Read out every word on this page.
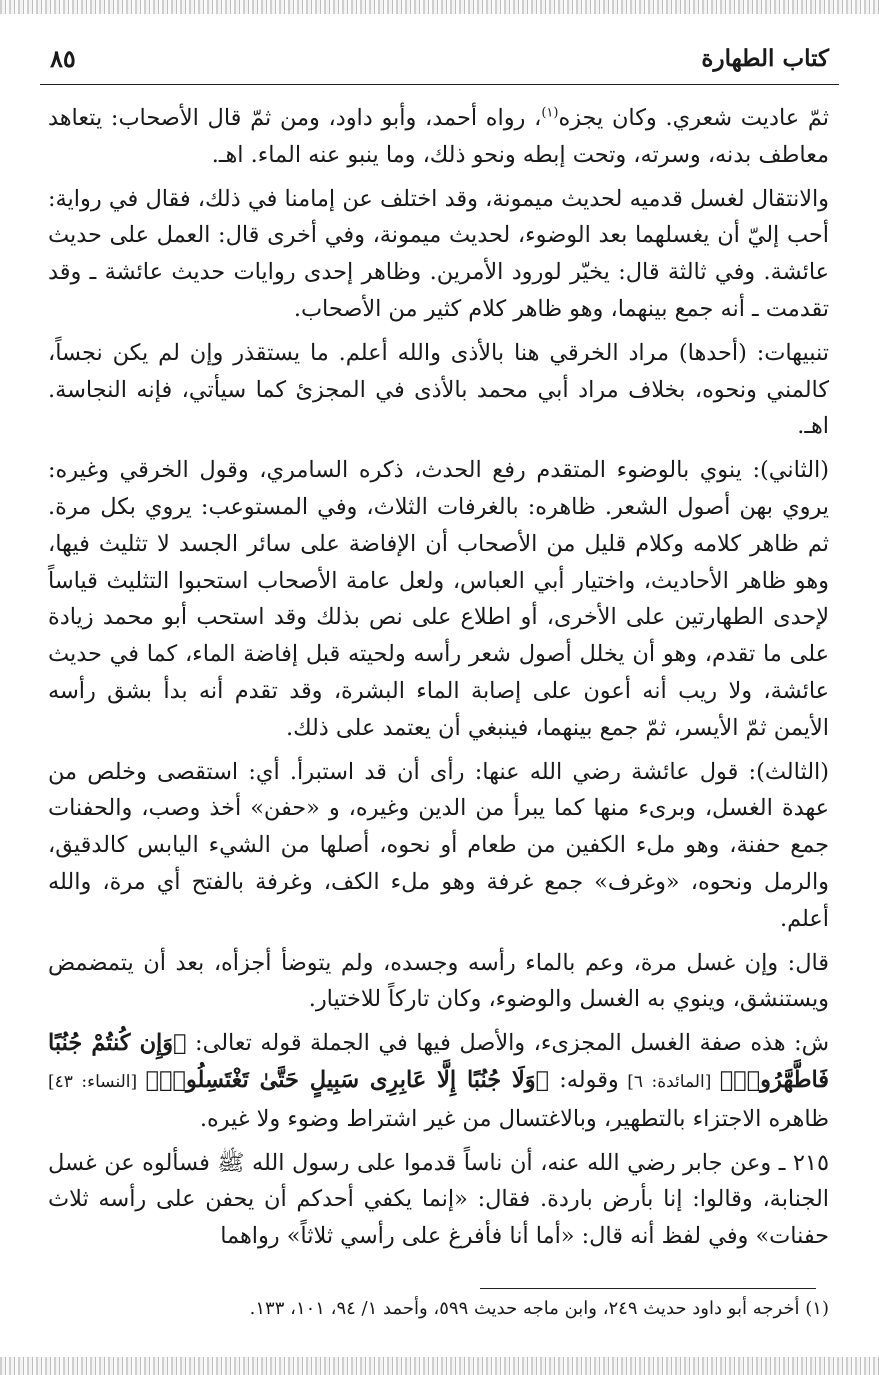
كتاب الطهارة
٨٥

ثمّ عاديت شعري. وكان يجزه$^{(١)}$، رواه أحمد، وأبو داود، ومن ثمّ قال الأصحاب: يتعاهد معاطف بدنه، وسرته، وتحت إبطه ونحو ذلك، وما ينبو عنه الماء. اهـ.

والانتقال لغسل قدميه لحديث ميمونة، وقد اختلف عن إمامنا في ذلك، فقال في رواية: أحب إليّ أن يغسلهما بعد الوضوء، لحديث ميمونة، وفي أخرى قال: العمل على حديث عائشة. وفي ثالثة قال: يخيّر لورود الأمرين. وظاهر إحدى روايات حديث عائشة ـ وقد تقدمت ـ أنه جمع بينهما، وهو ظاهر كلام كثير من الأصحاب.

تنبيهات: (أحدها) مراد الخرقي هنا بالأذى والله أعلم. ما يستقذر وإن لم يكن نجساً، كالمني ونحوه، بخلاف مراد أبي محمد بالأذى في المجزئ كما سيأتي، فإنه النجاسة. اهـ.

(الثاني): ينوي بالوضوء المتقدم رفع الحدث، ذكره السامري، وقول الخرقي وغيره: يروي بهن أصول الشعر. ظاهره: بالغرفات الثلاث، وفي المستوعب: يروي بكل مرة. ثم ظاهر كلامه وكلام قليل من الأصحاب أن الإفاضة على سائر الجسد لا تثليث فيها، وهو ظاهر الأحاديث، واختيار أبي العباس، ولعل عامة الأصحاب استحبوا التثليث قياساً لإحدى الطهارتين على الأخرى، أو اطلاع على نص بذلك وقد استحب أبو محمد زيادة على ما تقدم، وهو أن يخلل أصول شعر رأسه ولحيته قبل إفاضة الماء، كما في حديث عائشة، ولا ريب أنه أعون على إصابة الماء البشرة، وقد تقدم أنه بدأ بشق رأسه الأيمن ثمّ الأيسر، ثمّ جمع بينهما، فينبغي أن يعتمد على ذلك.

(الثالث): قول عائشة رضي الله عنها: رأى أن قد استبرأ. أي: استقصى وخلص من عهدة الغسل، وبرىء منها كما يبرأ من الدين وغيره، و «حفن» أخذ وصب، والحفنات جمع حفنة، وهو ملء الكفين من طعام أو نحوه، أصلها من الشيء اليابس كالدقيق، والرمل ونحوه، «وغرف» جمع غرفة وهو ملء الكف، وغرفة بالفتح أي مرة، والله أعلم.

قال: وإن غسل مرة، وعم بالماء رأسه وجسده، ولم يتوضأ أجزأه، بعد أن يتمضمض ويستنشق، وينوي به الغسل والوضوء، وكان تاركاً للاختيار.

ش: هذه صفة الغسل المجزىء، والأصل فيها في الجملة قوله تعالى: ﴿وَإِن كُنتُمْ جُنُبًا فَاطَّهَّرُوا۟﴾ [المائدة: ٦] وقوله: ﴿وَلَا جُنُبًا إِلَّا عَابِرِى سَبِيلٍ حَتَّىٰ تَغْتَسِلُوا۟﴾ [النساء: ٤٣] ظاهره الاجتزاء بالتطهير، وبالاغتسال من غير اشتراط وضوء ولا غيره.

٢١٥ ـ وعن جابر رضي الله عنه، أن ناساً قدموا على رسول الله ﷺ فسألوه عن غسل الجنابة، وقالوا: إنا بأرض باردة. فقال: «إنما يكفي أحدكم أن يحفن على رأسه ثلاث حفنات» وفي لفظ أنه قال: «أما أنا فأفرغ على رأسي ثلاثاً» رواهما

(١) أخرجه أبو داود حديث ٢٤٩، وابن ماجه حديث ٥٩٩، وأحمد ١/ ٩٤، ١٠١، ١٣٣.
